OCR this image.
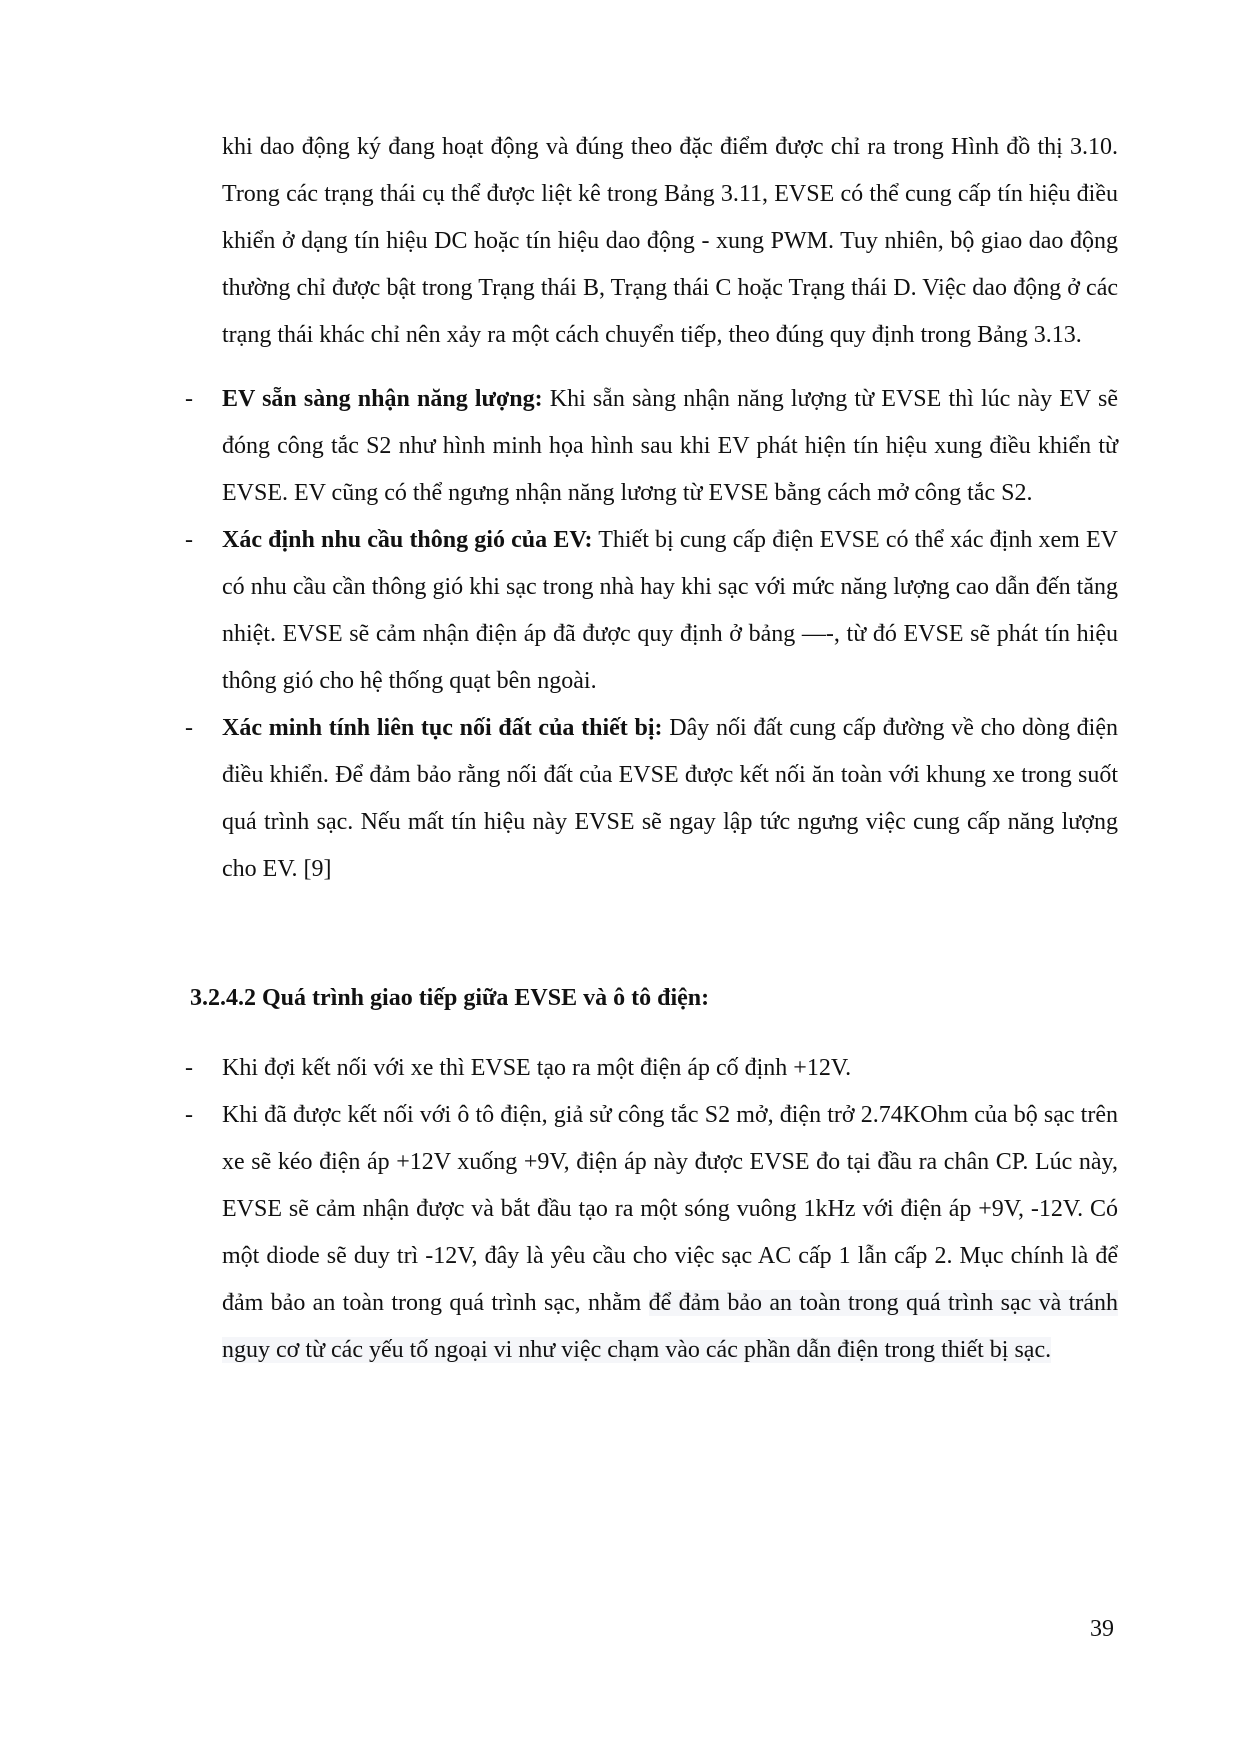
khi dao động ký đang hoạt động và đúng theo đặc điểm được chỉ ra trong Hình đồ thị 3.10. Trong các trạng thái cụ thể được liệt kê trong Bảng 3.11, EVSE có thể cung cấp tín hiệu điều khiển ở dạng tín hiệu DC hoặc tín hiệu dao động - xung PWM. Tuy nhiên, bộ giao dao động thường chỉ được bật trong Trạng thái B, Trạng thái C hoặc Trạng thái D. Việc dao động ở các trạng thái khác chỉ nên xảy ra một cách chuyển tiếp, theo đúng quy định trong Bảng 3.13.

- EV sẵn sàng nhận năng lượng: Khi sẵn sàng nhận năng lượng từ EVSE thì lúc này EV sẽ đóng công tắc S2 như hình minh họa hình sau khi EV phát hiện tín hiệu xung điều khiển từ EVSE. EV cũng có thể ngưng nhận năng lương từ EVSE bằng cách mở công tắc S2.

- Xác định nhu cầu thông gió của EV: Thiết bị cung cấp điện EVSE có thể xác định xem EV có nhu cầu cần thông gió khi sạc trong nhà hay khi sạc với mức năng lượng cao dẫn đến tăng nhiệt. EVSE sẽ cảm nhận điện áp đã được quy định ở bảng —-, từ đó EVSE sẽ phát tín hiệu thông gió cho hệ thống quạt bên ngoài.

- Xác minh tính liên tục nối đất của thiết bị: Dây nối đất cung cấp đường về cho dòng điện điều khiển. Để đảm bảo rằng nối đất của EVSE được kết nối ăn toàn với khung xe trong suốt quá trình sạc. Nếu mất tín hiệu này EVSE sẽ ngay lập tức ngưng việc cung cấp năng lượng cho EV. [9]

3.2.4.2 Quá trình giao tiếp giữa EVSE và ô tô điện:

- Khi đợi kết nối với xe thì EVSE tạo ra một điện áp cố định +12V.

- Khi đã được kết nối với ô tô điện, giả sử công tắc S2 mở, điện trở 2.74KOhm của bộ sạc trên xe sẽ kéo điện áp +12V xuống +9V, điện áp này được EVSE đo tại đầu ra chân CP. Lúc này, EVSE sẽ cảm nhận được và bắt đầu tạo ra một sóng vuông 1kHz với điện áp +9V, -12V. Có một diode sẽ duy trì -12V, đây là yêu cầu cho việc sạc AC cấp 1 lẫn cấp 2. Mục chính là để đảm bảo an toàn trong quá trình sạc, nhằm để đảm bảo an toàn trong quá trình sạc và tránh nguy cơ từ các yếu tố ngoại vi như việc chạm vào các phần dẫn điện trong thiết bị sạc.

39
